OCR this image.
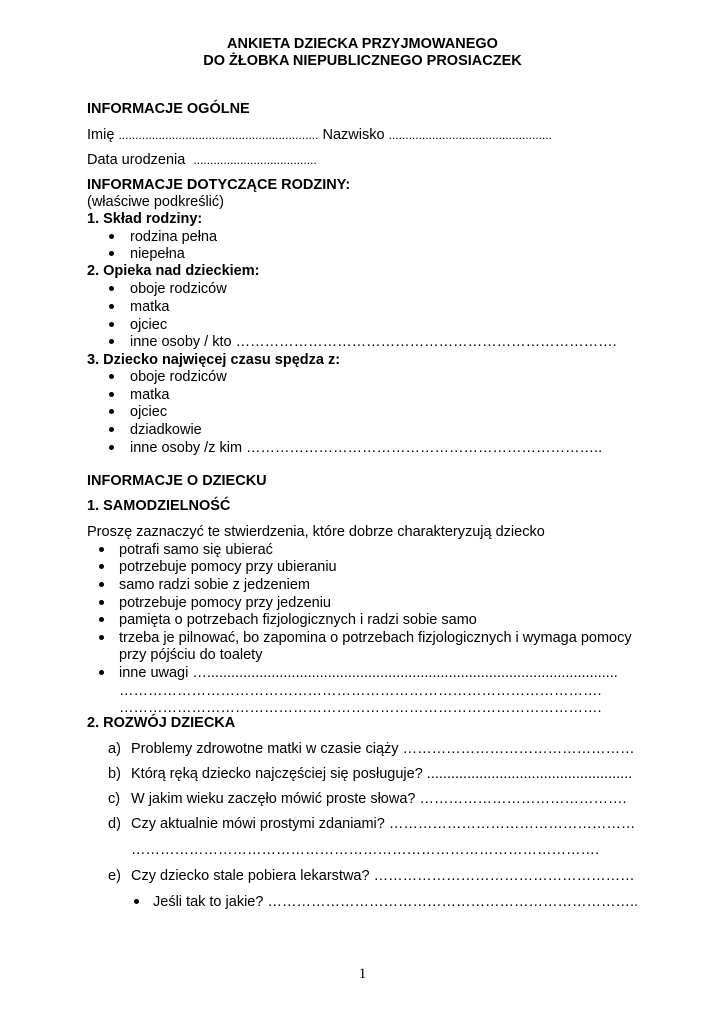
ANKIETA DZIECKA PRZYJMOWANEGO
DO ŻŁOBKA NIEPUBLICZNEGO PROSIACZEK
INFORMACJE OGÓLNE
Imię ............................................................ Nazwisko .................................................
Data urodzenia .....................................
INFORMACJE DOTYCZĄCE RODZINY:
(właściwe podkreślić)
1. Skład rodziny:
rodzina pełna
niepełna
2. Opieka nad dzieckiem:
oboje rodziców
matka
ojciec
inne osoby / kto …………………………………………………………………….
3. Dziecko najwięcej czasu spędza z:
oboje rodziców
matka
ojciec
dziadkowie
inne osoby /z kim ………………………………………………………………..
INFORMACJE O DZIECKU
1. SAMODZIELNOŚĆ
Proszę zaznaczyć te stwierdzenia, które dobrze charakteryzują dziecko
potrafi samo się ubierać
potrzebuje pomocy przy ubieraniu
samo radzi sobie z jedzeniem
potrzebuje pomocy przy jedzeniu
pamięta o potrzebach fizjologicznych i radzi sobie samo
trzeba je pilnować, bo zapomina o potrzebach fizjologicznych i wymaga pomocy
przy pójściu do toalety
inne uwagi …......................................................................................................
……………………………………………………………………………………….
……………………………………………………………………………………….
2. ROZWÓJ DZIECKA
a) Problemy zdrowotne matki w czasie ciąży …………………………………………
b) Którą ręką dziecko najczęściej się posługuje? ...................................................
c) W jakim wieku zaczęło mówić proste słowa? …………………………………….
d) Czy aktualnie mówi prostymi zdaniami? ……………………………………………
…………………………………………………………………………………….
e) Czy dziecko stale pobiera lekarstwa? ………………………………………………
Jeśli tak to jakie? …………………………………………………………………..
1
